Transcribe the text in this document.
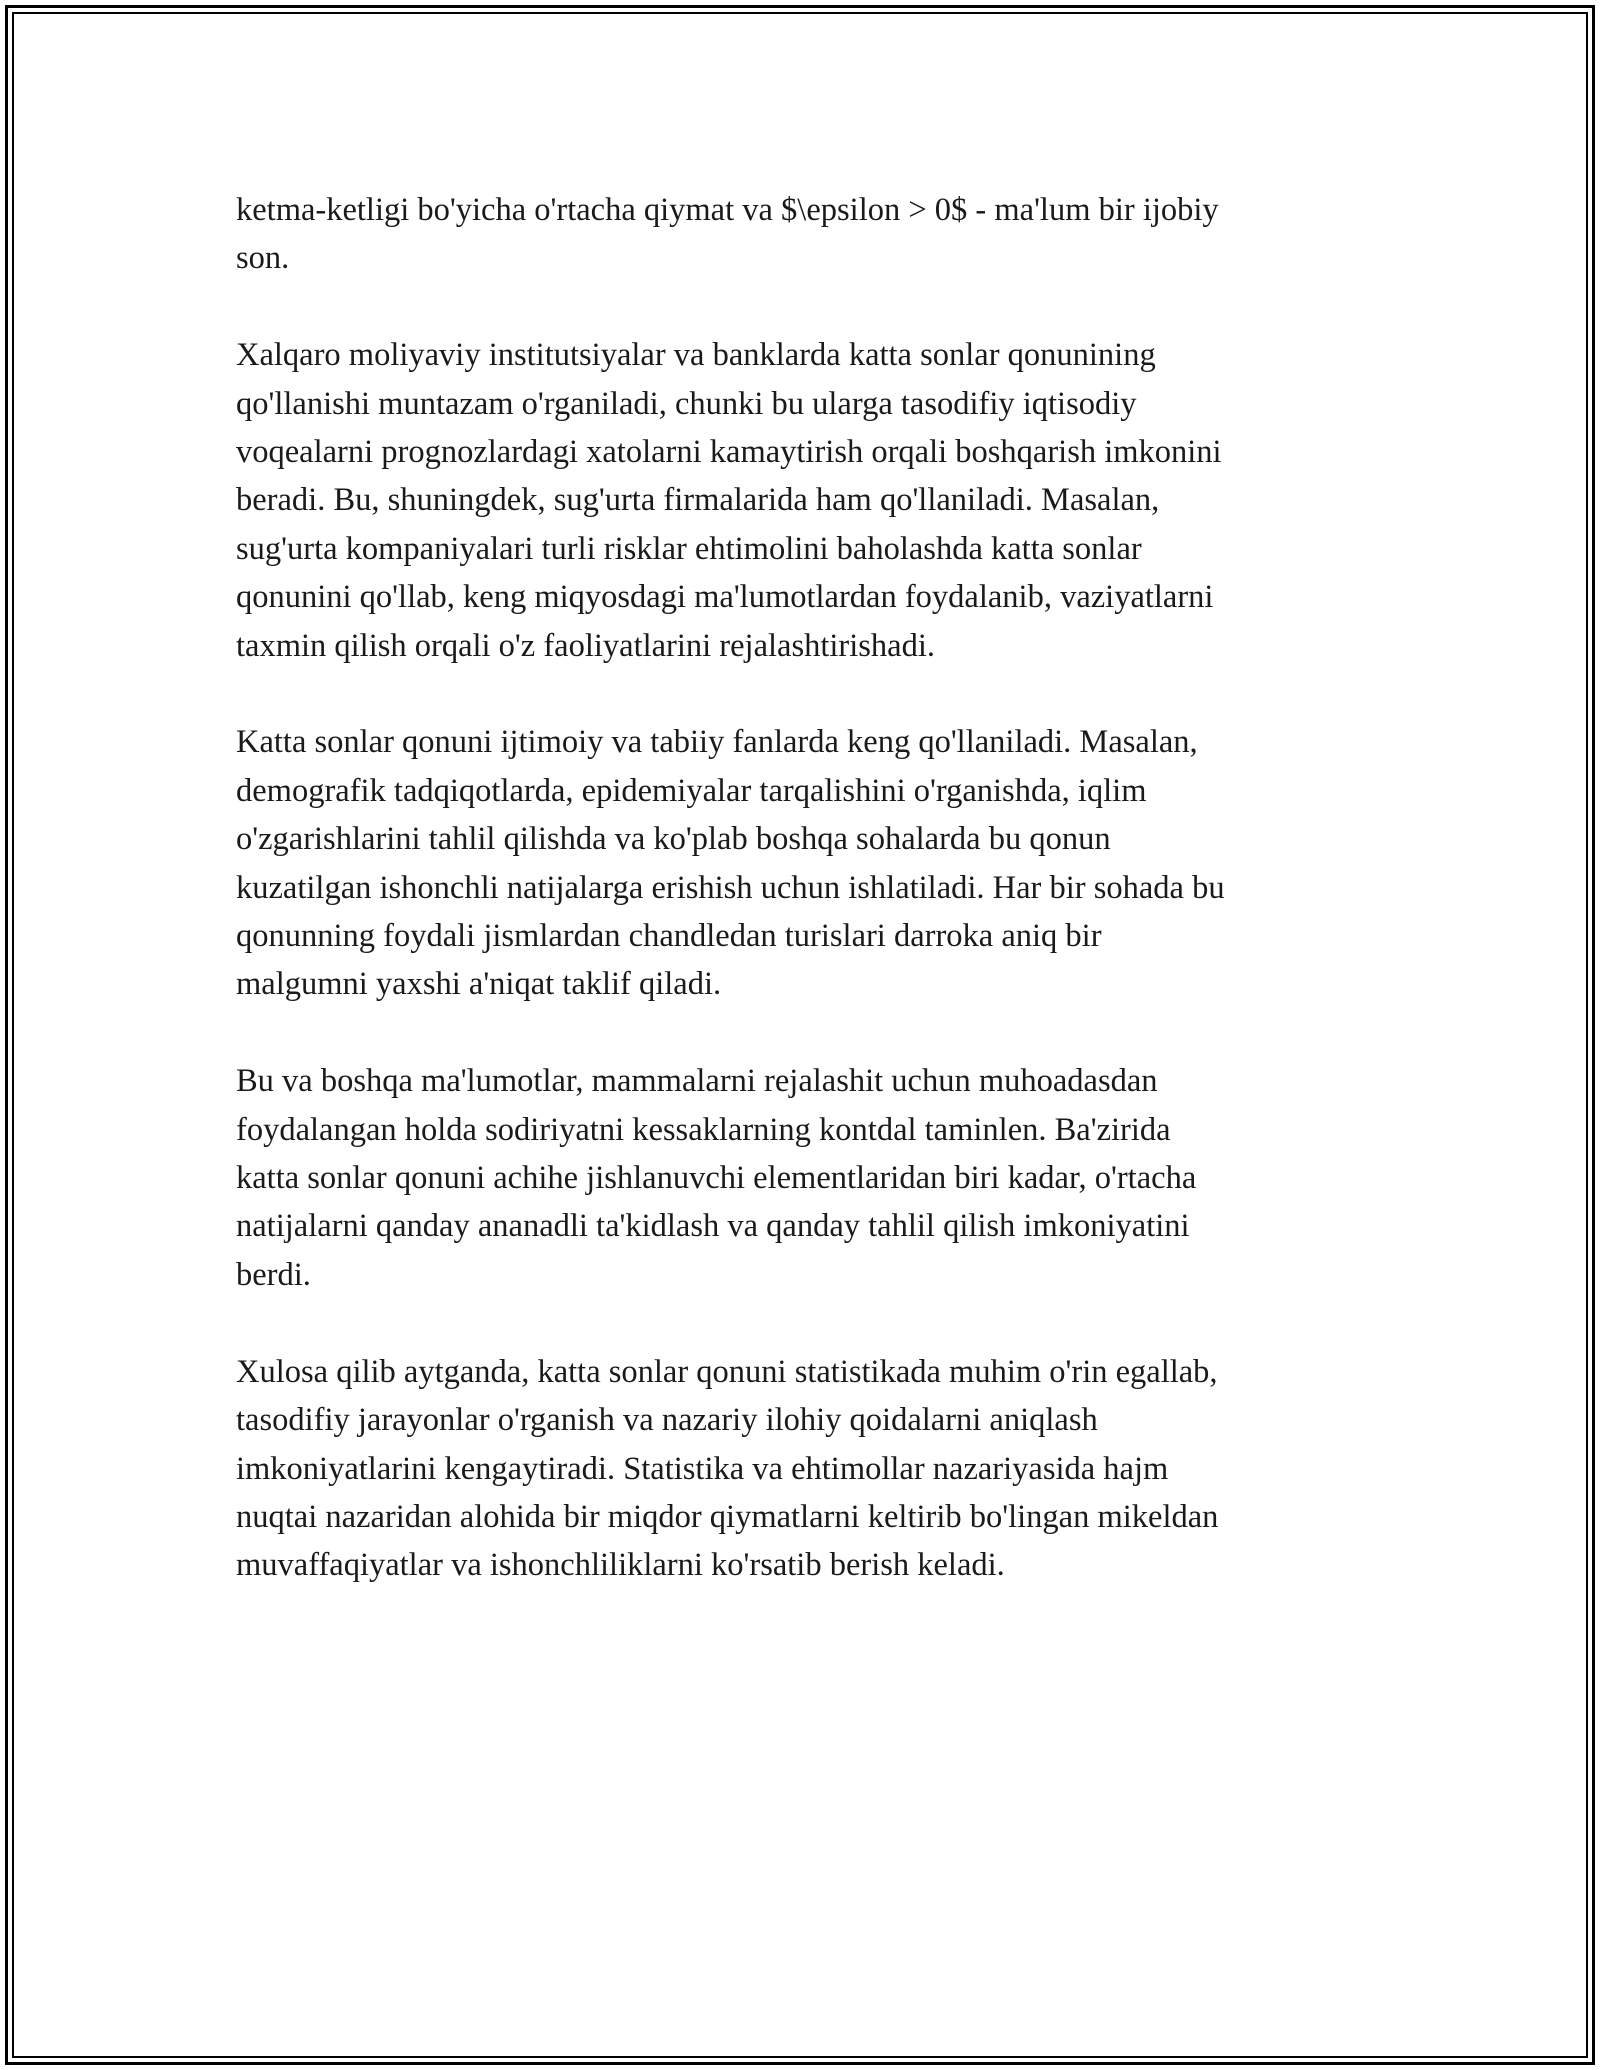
ketma-ketligi bo'yicha o'rtacha qiymat va $\epsilon > 0$ - ma'lum bir ijobiy
son.

Xalqaro moliyaviy institutsiyalar va banklarda katta sonlar qonunining
qo'llanishi muntazam o'rganiladi, chunki bu ularga tasodifiy iqtisodiy
voqealarni prognozlardagi xatolarni kamaytirish orqali boshqarish imkonini
beradi. Bu, shuningdek, sug'urta firmalarida ham qo'llaniladi. Masalan,
sug'urta kompaniyalari turli risklar ehtimolini baholashda katta sonlar
qonunini qo'llab, keng miqyosdagi ma'lumotlardan foydalanib, vaziyatlarni
taxmin qilish orqali o'z faoliyatlarini rejalashtirishadi.

Katta sonlar qonuni ijtimoiy va tabiiy fanlarda keng qo'llaniladi. Masalan,
demografik tadqiqotlarda, epidemiyalar tarqalishini o'rganishda, iqlim
o'zgarishlarini tahlil qilishda va ko'plab boshqa sohalarda bu qonun
kuzatilgan ishonchli natijalarga erishish uchun ishlatiladi. Har bir sohada bu
qonunning foydali jismlardan chandledan turislari darroka aniq bir
malgumni yaxshi a'niqat taklif qiladi.

Bu va boshqa ma'lumotlar, mammalarni rejalashit uchun muhoadasdan
foydalangan holda sodiriyatni kessaklarning kontdal taminlen. Ba'zirida
katta sonlar qonuni achihe jishlanuvchi elementlaridan biri kadar, o'rtacha
natijalarni qanday ananadli ta'kidlash va qanday tahlil qilish imkoniyatini
berdi.

Xulosa qilib aytganda, katta sonlar qonuni statistikada muhim o'rin egallab,
tasodifiy jarayonlar o'rganish va nazariy ilohiy qoidalarni aniqlash
imkoniyatlarini kengaytiradi. Statistika va ehtimollar nazariyasida hajm
nuqtai nazaridan alohida bir miqdor qiymatlarni keltirib bo'lingan mikeldan
muvaffaqiyatlar va ishonchliliklarni ko'rsatib berish keladi.
